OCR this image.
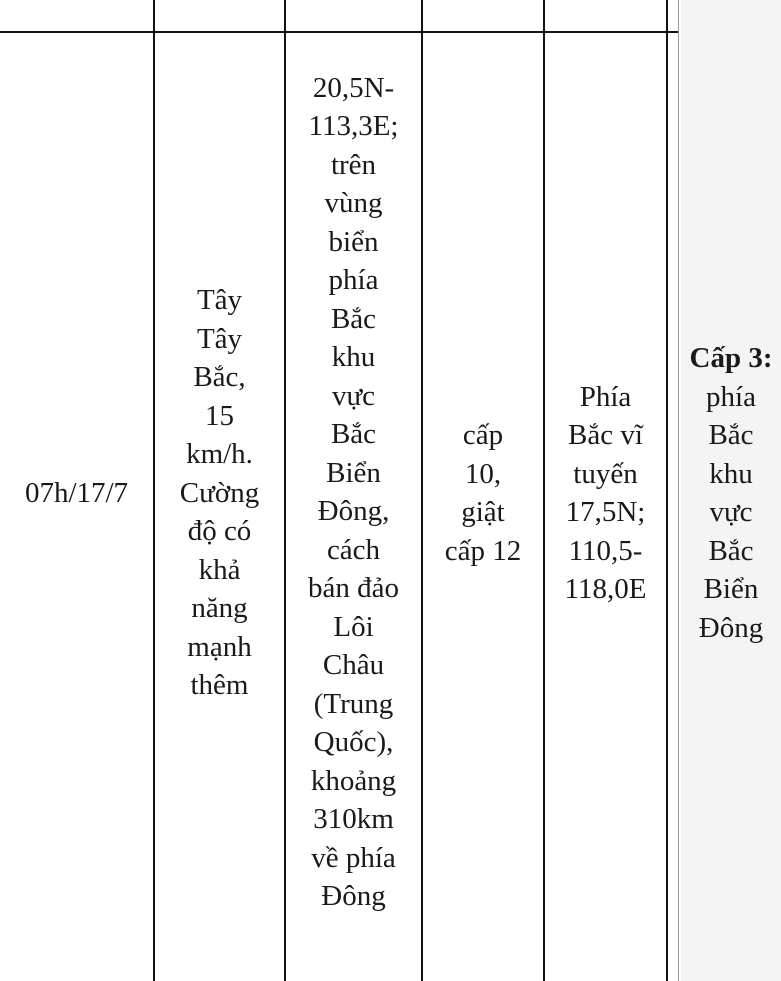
07h/17/7
Tây
Tây
Bắc,
15
km/h.
Cường
độ có
khả
năng
mạnh
thêm
20,5N-
113,3E;
trên
vùng
biển
phía
Bắc
khu
vực
Bắc
Biển
Đông,
cách
bán đảo
Lôi
Châu
(Trung
Quốc),
khoảng
310km
về phía
Đông
cấp
10,
giật
cấp 12
Phía
Bắc vĩ
tuyến
17,5N;
110,5-
118,0E
Cấp 3:
phía
Bắc
khu
vực
Bắc
Biển
Đông
